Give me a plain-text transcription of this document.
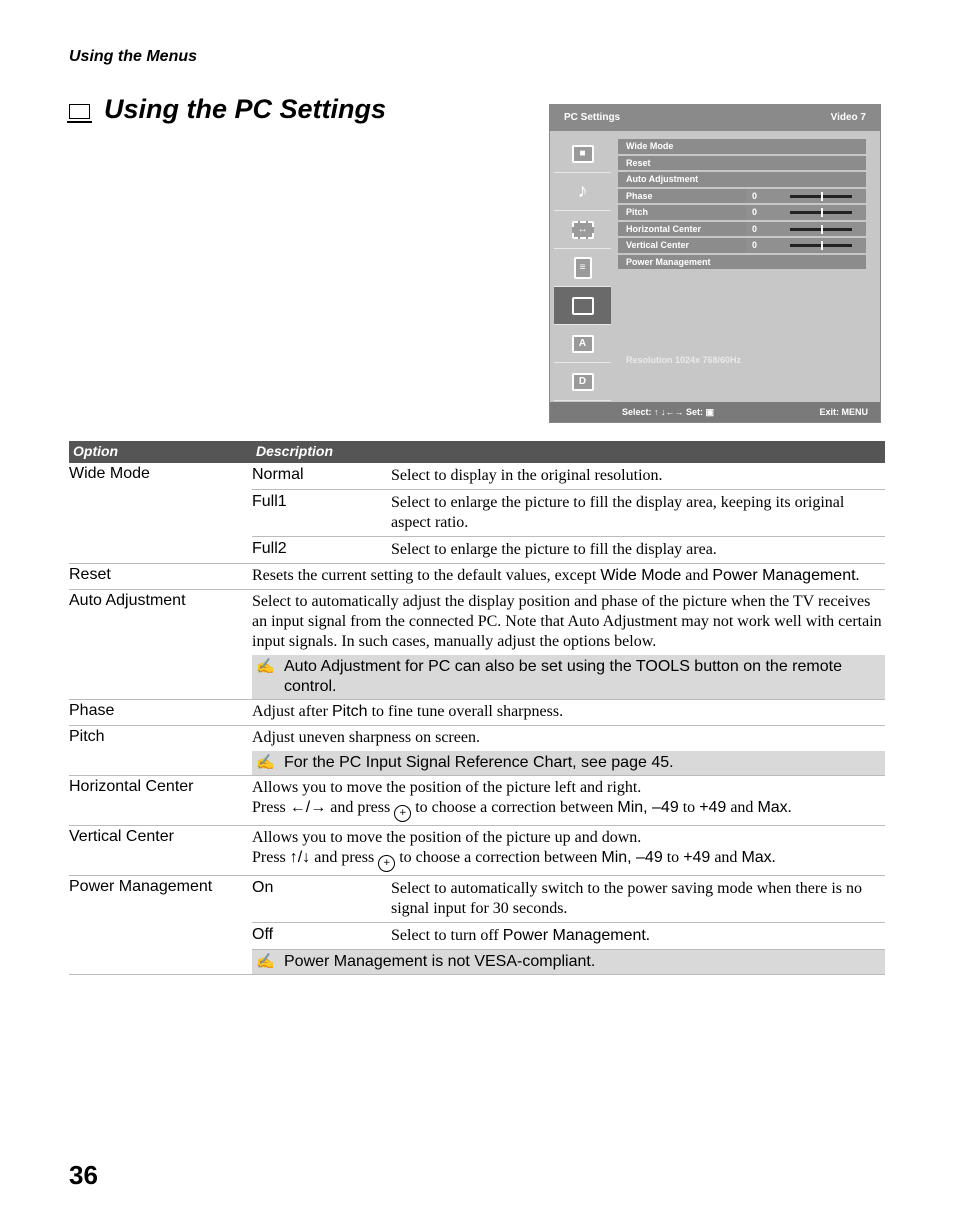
Using the Menus
Using the PC Settings	PC Settings	Video 7
■
♪
↔
≡
A
D
Wide Mode
Reset
Auto Adjustment
Phase	0
Pitch	0
Horizontal Center	0
Vertical Center	0
Power Management
Resolution 1024x 768/60Hz
Select: ↑ ↓←→ Set: ▣	Exit: MENU
Option	Description
Wide Mode	Normal	Select to display in the original resolution.
Full1	Select to enlarge the picture to fill the display area, keeping its original aspect ratio.
Full2	Select to enlarge the picture to fill the display area.
Reset	Resets the current setting to the default values, except Wide Mode and Power Management.
Auto Adjustment	Select to automatically adjust the display position and phase of the picture when the TV receives an input signal from the connected PC. Note that Auto Adjustment may not work well with certain input signals. In such cases, manually adjust the options below.
✍ Auto Adjustment for PC can also be set using the TOOLS button on the remote control.
Phase	Adjust after Pitch to fine tune overall sharpness.
Pitch	Adjust uneven sharpness on screen.
✍ For the PC Input Signal Reference Chart, see page 45.
Horizontal Center	Allows you to move the position of the picture left and right.
Press ←/→ and press + to choose a correction between Min, –49 to +49 and Max.
Vertical Center	Allows you to move the position of the picture up and down.
Press ↑/↓ and press + to choose a correction between Min, –49 to +49 and Max.
Power Management	On	Select to automatically switch to the power saving mode when there is no signal input for 30 seconds.
Off	Select to turn off Power Management.
✍ Power Management is not VESA-compliant.
36
